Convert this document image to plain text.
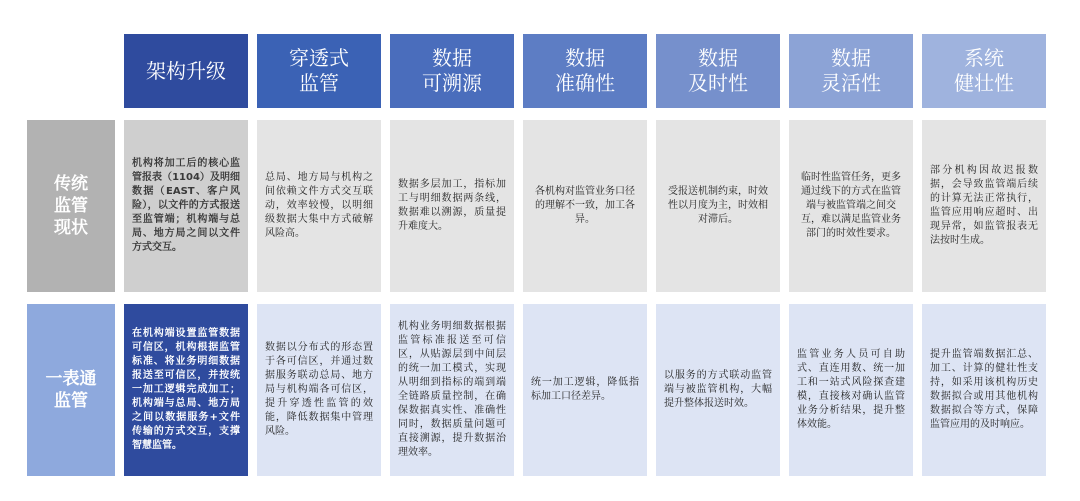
架构升级
穿透式
监管
数据
可溯源
数据
准确性
数据
及时性
数据
灵活性
系统
健壮性
传统
监管
现状
机构将加工后的核心监管报表（1104）及明细数据（EAST、客户风险），以文件的方式报送至监管端；机构端与总局、地方局之间以文件方式交互。
总局、地方局与机构之间依赖文件方式交互联动，效率较慢，以明细级数据大集中方式破解风险高。
数据多层加工，指标加工与明细数据两条线，数据难以溯源，质量提升难度大。
各机构对监管业务口径的理解不一致，加工各异。
受报送机制约束，时效性以月度为主，时效相对滞后。
临时性监管任务，更多通过线下的方式在监管端与被监管端之间交互，难以满足监管业务部门的时效性要求。
部分机构因故迟报数据，会导致监管端后续的计算无法正常执行，监管应用响应超时、出现异常，如监管报表无法按时生成。
一表通
监管
在机构端设置监管数据可信区，机构根据监管标准、将业务明细数据报送至可信区，并按统一加工逻辑完成加工；机构端与总局、地方局之间以数据服务+文件传输的方式交互，支撑智慧监管。
数据以分布式的形态置于各可信区，并通过数据服务联动总局、地方局与机构端各可信区，提升穿透性监管的效能，降低数据集中管理风险。
机构业务明细数据根据监管标准报送至可信区，从贴源层到中间层的统一加工模式，实现从明细到指标的端到端全链路质量控制，在确保数据真实性、准确性同时，数据质量问题可直接溯源，提升数据治理效率。
统一加工逻辑，降低指标加工口径差异。
以服务的方式联动监管端与被监管机构，大幅提升整体报送时效。
监管业务人员可自助式、直连用数、统一加工和一站式风险探查建模，直接核对确认监管业务分析结果，提升整体效能。
提升监管端数据汇总、加工、计算的健壮性支持，如采用该机构历史数据拟合或用其他机构数据拟合等方式，保障监管应用的及时响应。
